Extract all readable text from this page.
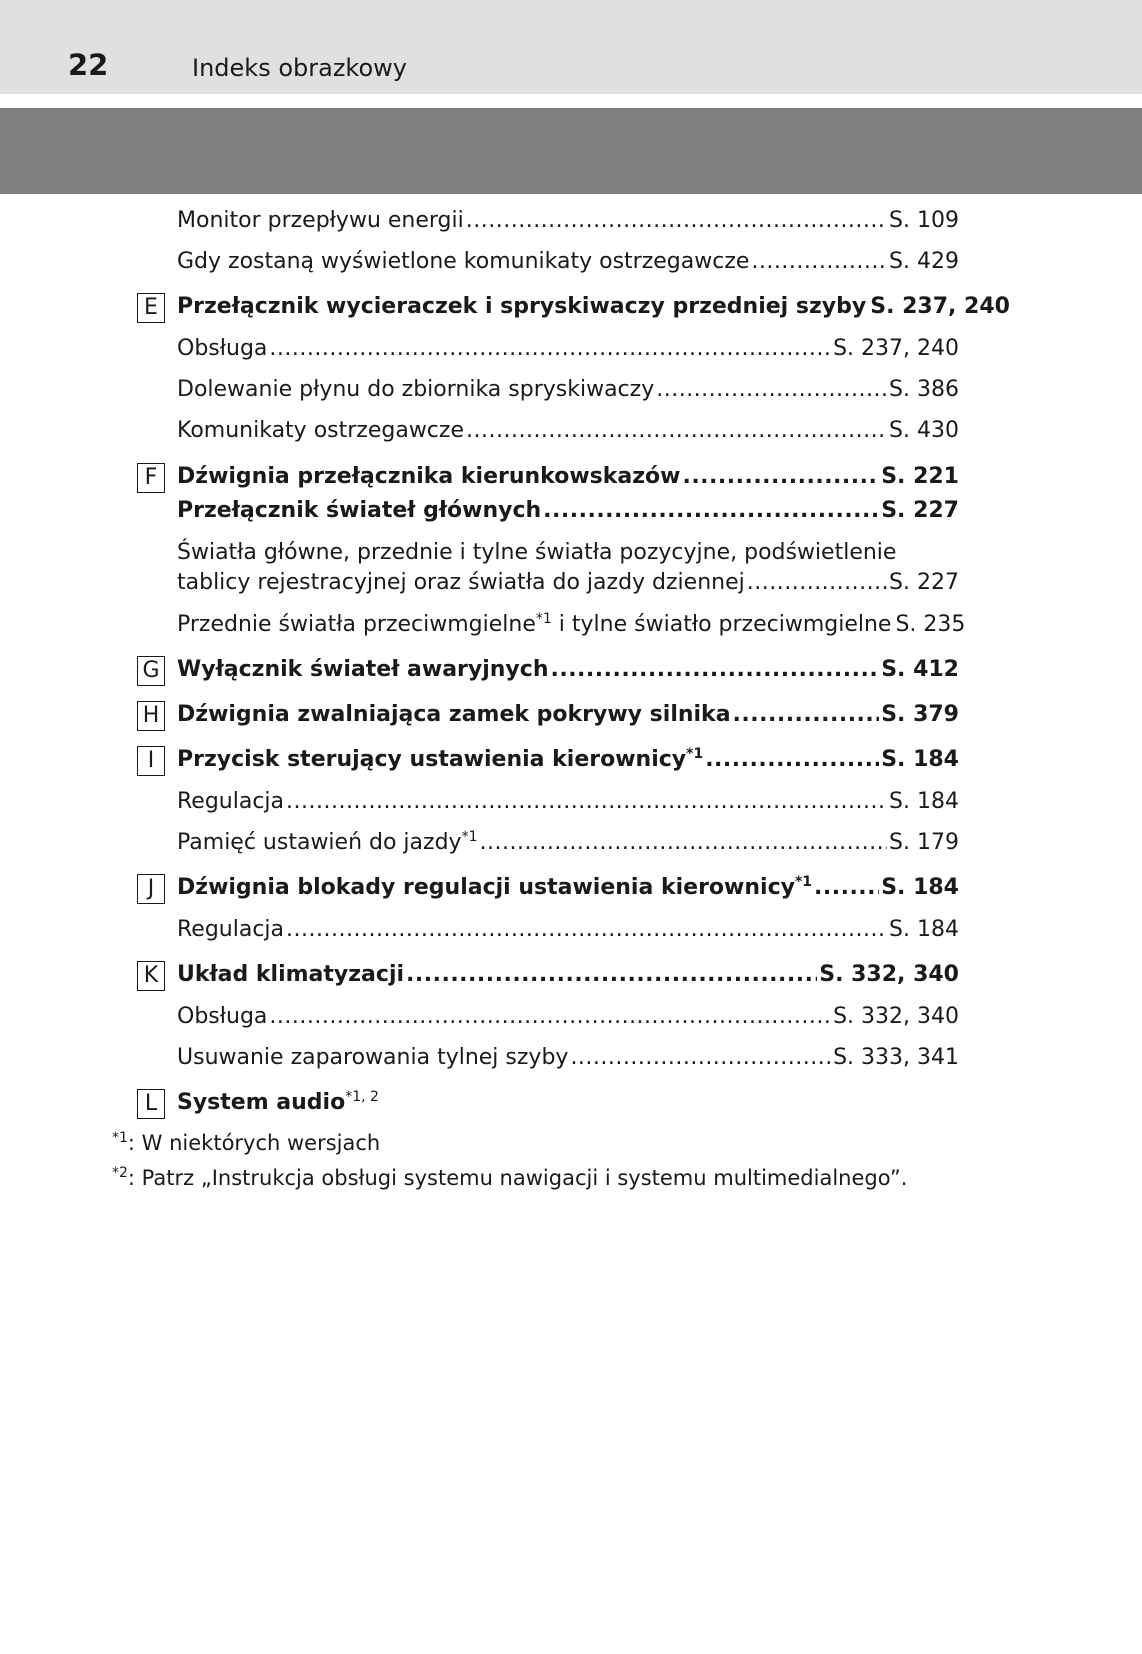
22	Indeks obrazkowy
Monitor przepływu energii .....	S. 109
Gdy zostaną wyświetlone komunikaty ostrzegawcze .....	S. 429
E Przełącznik wycieraczek i spryskiwaczy przedniej szyby S. 237, 240
Obsługa .....	S. 237, 240
Dolewanie płynu do zbiornika spryskiwaczy .....	S. 386
Komunikaty ostrzegawcze .....	S. 430
F Dźwignia przełącznika kierunkowskazów .....	S. 221
Przełącznik świateł głównych .....	S. 227
Światła główne, przednie i tylne światła pozycyjne, podświetlenie
tablicy rejestracyjnej oraz światła do jazdy dziennej .....	S. 227
Przednie światła przeciwmgielne$^{*1}$ i tylne światło przeciwmgielne S. 235
G Wyłącznik świateł awaryjnych .....	S. 412
H Dźwignia zwalniająca zamek pokrywy silnika .....	S. 379
I	Przycisk sterujący ustawienia kierownicy$^{*1}$ .....	S. 184
Regulacja .....	S. 184
Pamięć ustawień do jazdy$^{*1}$ .....	S. 179
J	Dźwignia blokady regulacji ustawienia kierownicy$^{*1}$ .....	S. 184
Regulacja .....	S. 184
K Układ klimatyzacji .....	S. 332, 340
Obsługa .....	S. 332, 340
Usuwanie zaparowania tylnej szyby .....	S. 333, 341
L System audio$^{*1, 2}$
$^{*1}$: W niektórych wersjach
$^{*2}$: Patrz „Instrukcja obsługi systemu nawigacji i systemu multimedialnego”.
